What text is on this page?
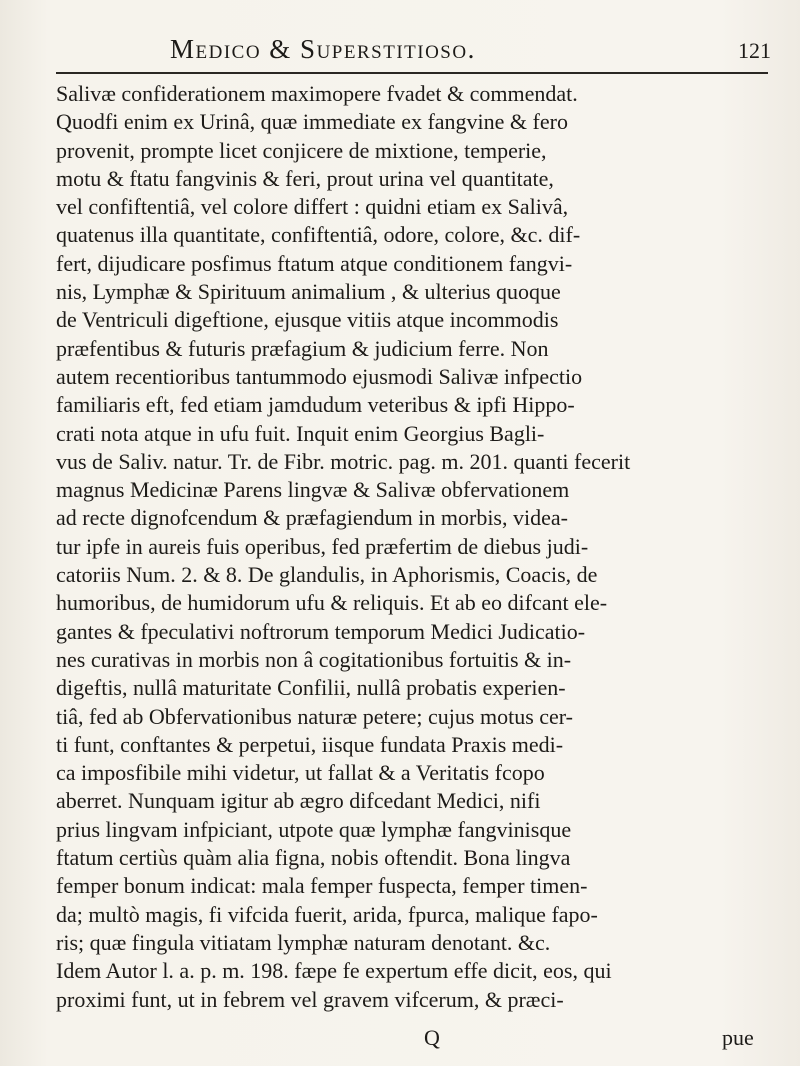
Medico & Superstitioso.	121
Salivæ confiderationem maximopere fvadet & commendat.
Quodfi enim ex Urinâ, quæ immediate ex fangvine & fero
provenit, prompte licet conjicere de mixtione, temperie,
motu & ftatu fangvinis & feri, prout urina vel quantitate,
vel confiftentiâ, vel colore differt : quidni etiam ex Salivâ,
quatenus illa quantitate, confiftentiâ, odore, colore, &c. dif-
fert, dijudicare posfimus ftatum atque conditionem fangvi-
nis, Lymphæ & Spirituum animalium , & ulterius quoque
de Ventriculi digeftione, ejusque vitiis atque incommodis
præfentibus & futuris præfagium & judicium ferre. Non
autem recentioribus tantummodo ejusmodi Salivæ infpectio
familiaris eft, fed etiam jamdudum veteribus & ipfi Hippo-
crati nota atque in ufu fuit. Inquit enim Georgius Bagli-
vus de Saliv. natur. Tr. de Fibr. motric. pag. m. 201. quanti fecerit
magnus Medicinæ Parens lingvæ & Salivæ obfervationem
ad recte dignofcendum & præfagiendum in morbis, videa-
tur ipfe in aureis fuis operibus, fed præfertim de diebus judi-
catoriis Num. 2. & 8. De glandulis, in Aphorismis, Coacis, de
humoribus, de humidorum ufu & reliquis. Et ab eo difcant ele-
gantes & fpeculativi noftrorum temporum Medici Judicatio-
nes curativas in morbis non â cogitationibus fortuitis & in-
digeftis, nullâ maturitate Confilii, nullâ probatis experien-
tiâ, fed ab Obfervationibus naturæ petere; cujus motus cer-
ti funt, conftantes & perpetui, iisque fundata Praxis medi-
ca imposfibile mihi videtur, ut fallat & a Veritatis fcopo
aberret. Nunquam igitur ab ægro difcedant Medici, nifi
prius lingvam infpiciant, utpote quæ lymphæ fangvinisque
ftatum certiùs quàm alia figna, nobis oftendit. Bona lingva
femper bonum indicat: mala femper fuspecta, femper timen-
da; multò magis, fi vifcida fuerit, arida, fpurca, malique fapo-
ris; quæ fingula vitiatam lymphæ naturam denotant. &c.
Idem Autor l. a. p. m. 198. fæpe fe expertum effe dicit, eos, qui
proximi funt, ut in febrem vel gravem vifcerum, & præci-
Q	pue
